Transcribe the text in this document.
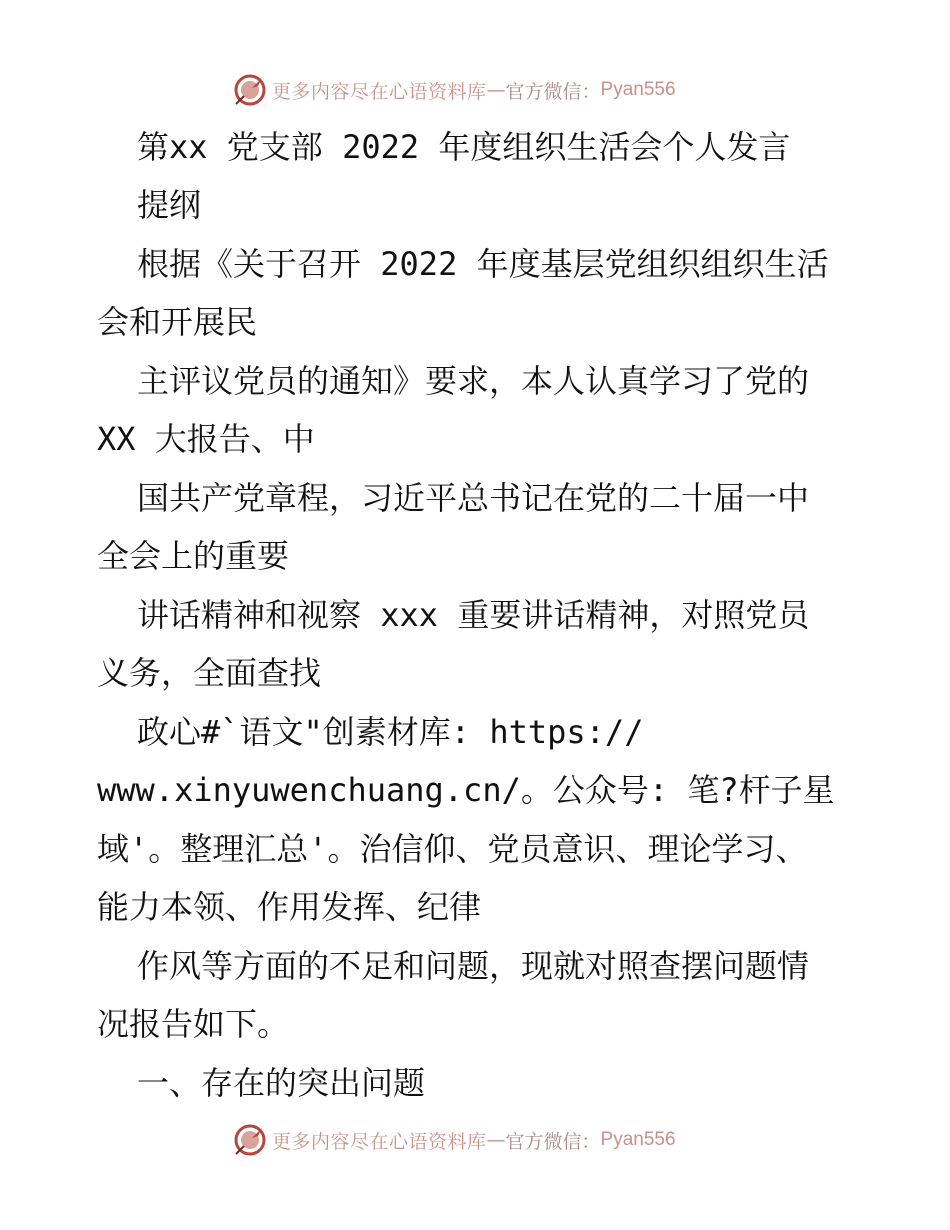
更多内容尽在心语资料库 — 官方微信： Pyan556
第xx 党支部 2022 年度组织生活会个人发言
提纲
根据《关于召开 2022 年度基层党组织组织生活
会和开展民
主评议党员的通知》要求，本人认真学习了党的
XX 大报告、中
国共产党章程，习近平总书记在党的二十届一中
全会上的重要
讲话精神和视察 xxx 重要讲话精神，对照党员
义务，全面查找
政心#`语文"创素材库: https://
www.xinyuwenchuang.cn/。公众号: 笔?杆子星
域'。整理汇总'。治信仰、党员意识、理论学习、
能力本领、作用发挥、纪律
作风等方面的不足和问题，现就对照查摆问题情
况报告如下。
一、存在的突出问题
更多内容尽在心语资料库 — 官方微信： Pyan556
